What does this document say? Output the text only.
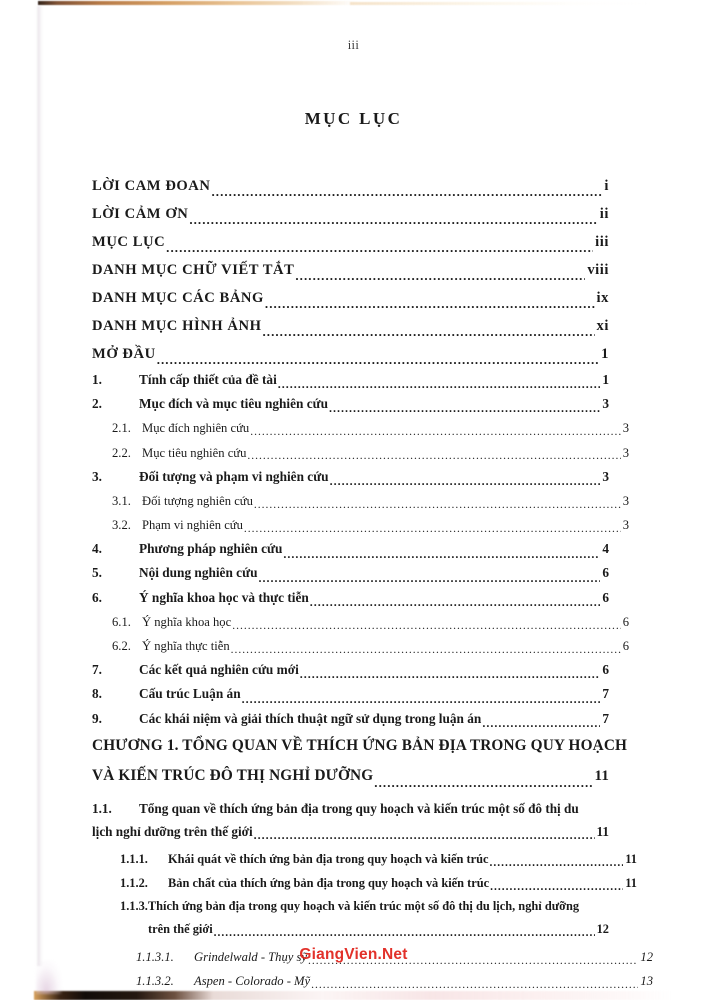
iii
MỤC LỤC
LỜI CAM ĐOAN .....	i
LỜI CẢM ƠN .....	ii
MỤC LỤC .....	iii
DANH MỤC CHỮ VIẾT TẮT .....	viii
DANH MỤC CÁC BẢNG .....	ix
DANH MỤC HÌNH ẢNH .....	xi
MỞ ĐẦU .....	1
1.	Tính cấp thiết của đề tài .....	1
2.	Mục đích và mục tiêu nghiên cứu .....	3
2.1. Mục đích nghiên cứu .....	3
2.2. Mục tiêu nghiên cứu .....	3
3.	Đối tượng và phạm vi nghiên cứu .....	3
3.1. Đối tượng nghiên cứu .....	3
3.2. Phạm vi nghiên cứu .....	3
4.	Phương pháp nghiên cứu .....	4
5.	Nội dung nghiên cứu .....	6
6.	Ý nghĩa khoa học và thực tiễn .....	6
6.1. Ý nghĩa khoa học .....	6
6.2. Ý nghĩa thực tiễn .....	6
7.	Các kết quả nghiên cứu mới .....	6
8.	Cấu trúc Luận án .....	7
9.	Các khái niệm và giải thích thuật ngữ sử dụng trong luận án .....	7
CHƯƠNG 1. TỔNG QUAN VỀ THÍCH ỨNG BẢN ĐỊA TRONG QUY HOẠCH
VÀ KIẾN TRÚC ĐÔ THỊ NGHỈ DƯỠNG .....	11
1.1.	Tổng quan về thích ứng bản địa trong quy hoạch và kiến trúc một số đô thị du
lịch nghỉ dưỡng trên thế giới .....	11
1.1.1.	Khái quát về thích ứng bản địa trong quy hoạch và kiến trúc .....	11
1.1.2.	Bản chất của thích ứng bản địa trong quy hoạch và kiến trúc .....	11
1.1.3. Thích ứng bản địa trong quy hoạch và kiến trúc một số đô thị du lịch, nghỉ dưỡng
trên thế giới .....	12
1.1.3.1.	Grindelwald - Thụy sỹ .....	12
1.1.3.2.	Aspen - Colorado - Mỹ .....	13
GiangVien.Net
